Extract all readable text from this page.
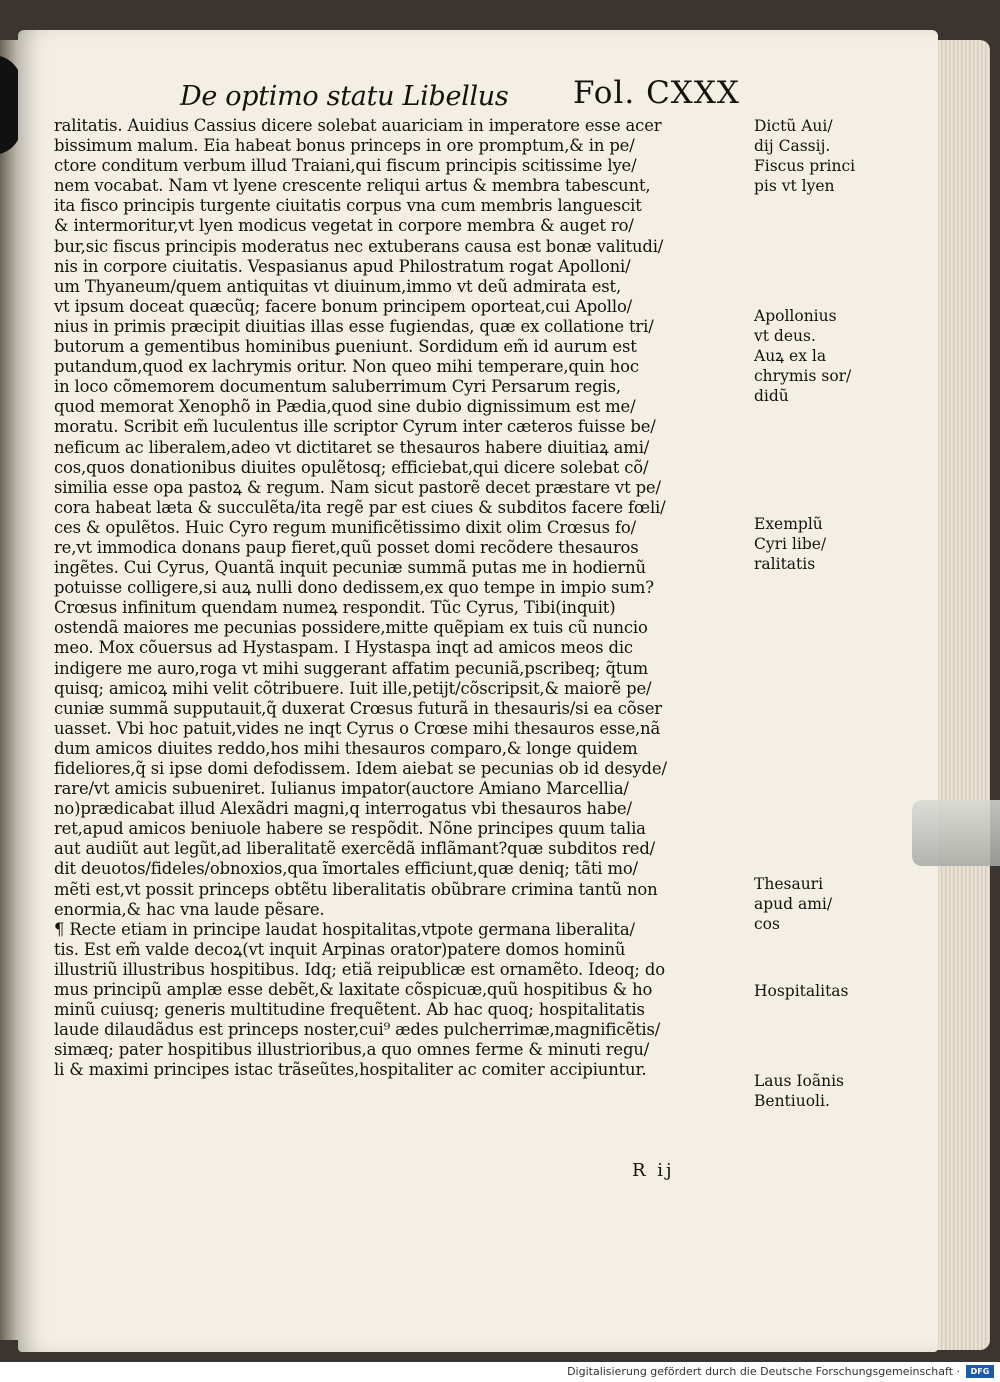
De optimo statu Libellus Fol. CXXX
ralitatis. Auidius Cassius dicere solebat auariciam in imperatore esse acer
bissimum malum. Eia habeat bonus princeps in ore promptum,& in pe/
ctore conditum verbum illud Traiani,qui fiscum principis scitissime lye/
nem vocabat. Nam vt lyene crescente reliqui artus & membra tabescunt,
ita fisco principis turgente ciuitatis corpus vna cum membris languescit
& intermoritur,vt lyen modicus vegetat in corpore membra & auget ro/
bur,sic fiscus principis moderatus nec extuberans causa est bonæ valitudi/
nis in corpore ciuitatis. Vespasianus apud Philostratum rogat Apolloni/
um Thyaneum/quem antiquitas vt diuinum,immo vt deũ admirata est,
vt ipsum doceat quæcũq; facere bonum principem oporteat,cui Apollo/
nius in primis præcipit diuitias illas esse fugiendas, quæ ex collatione tri/
butorum a gementibus hominibus ꝑueniunt. Sordidum em̃ id aurum est
putandum,quod ex lachrymis oritur. Non queo mihi temperare,quin hoc
in loco cõmemorem documentum saluberrimum Cyri Persarum regis,
quod memorat Xenophõ in Pædia,quod sine dubio dignissimum est me/
moratu. Scribit em̃ luculentus ille scriptor Cyrum inter cæteros fuisse be/
neficum ac liberalem,adeo vt dictitaret se thesauros habere diuitiaꝝ ami/
cos,quos donationibus diuites opulẽtosq; efficiebat,qui dicere solebat cõ/
similia esse opa pastoꝝ & regum. Nam sicut pastorẽ decet præstare vt pe/
cora habeat læta & succulẽta/ita regẽ par est ciues & subditos facere fœli/
ces & opulẽtos. Huic Cyro regum munificẽtissimo dixit olim Crœsus fo/
re,vt immodica donans paup fieret,quũ posset domi recõdere thesauros
ingẽtes. Cui Cyrus, Quantã inquit pecuniæ summã putas me in hodiernũ
potuisse colligere,si auꝝ nulli dono dedissem,ex quo tempe in impio sum?
Crœsus infinitum quendam numeꝝ respondit. Tũc Cyrus, Tibi(inquit)
ostendã maiores me pecunias possidere,mitte quẽpiam ex tuis cũ nuncio
meo. Mox cõuersus ad Hystaspam. I Hystaspa inqt ad amicos meos dic
indigere me auro,roga vt mihi suggerant affatim pecuniã,pscribeq; q̃tum
quisq; amicoꝝ mihi velit cõtribuere. Iuit ille,petijt/cõscripsit,& maiorẽ pe/
cuniæ summã supputauit,q̃ duxerat Crœsus futurã in thesauris/si ea cõser
uasset. Vbi hoc patuit,vides ne inqt Cyrus o Crœse mihi thesauros esse,nã
dum amicos diuites reddo,hos mihi thesauros comparo,& longe quidem
fideliores,q̃ si ipse domi defodissem. Idem aiebat se pecunias ob id desyde/
rare/vt amicis subueniret. Iulianus impator(auctore Amiano Marcellia/
no)prædicabat illud Alexãdri magni,q interrogatus vbi thesauros habe/
ret,apud amicos beniuole habere se respõdit. Nõne principes quum talia
aut audiũt aut legũt,ad liberalitatẽ exercẽdã inflãmant?quæ subditos red/
dit deuotos/fideles/obnoxios,qua ĩmortales efficiunt,quæ deniq; tãti mo/
mẽti est,vt possit princeps obtẽtu liberalitatis obũbrare crimina tantũ non
enormia,& hac vna laude pẽsare.
¶ Recte etiam in principe laudat hospitalitas,vtpote germana liberalita/
tis. Est em̃ valde decoꝝ(vt inquit Arpinas orator)patere domos hominũ
illustriũ illustribus hospitibus. Idq; etiã reipublicæ est ornamẽto. Ideoq; do
mus principũ amplæ esse debẽt,& laxitate cõspicuæ,quũ hospitibus & ho
minũ cuiusq; generis multitudine frequẽtent. Ab hac quoq; hospitalitatis
laude dilaudãdus est princeps noster,cui⁹ ædes pulcherrimæ,magnificẽtis/
simæq; pater hospitibus illustrioribus,a quo omnes ferme & minuti regu/
li & maximi principes istac trãseũtes,hospitaliter ac comiter accipiuntur.
Dictũ Aui/
dij Cassij.
Fiscus princi
pis vt lyen
Apollonius
vt deus.
Auꝝ ex la
chrymis sor/
didũ
Exemplũ
Cyri libe/
ralitatis
Thesauri
apud ami/
cos
Hospitalitas
Laus Ioãnis
Bentiuoli.
R ij
Digitalisierung gefördert durch die Deutsche Forschungsgemeinschaft ·	DFG
